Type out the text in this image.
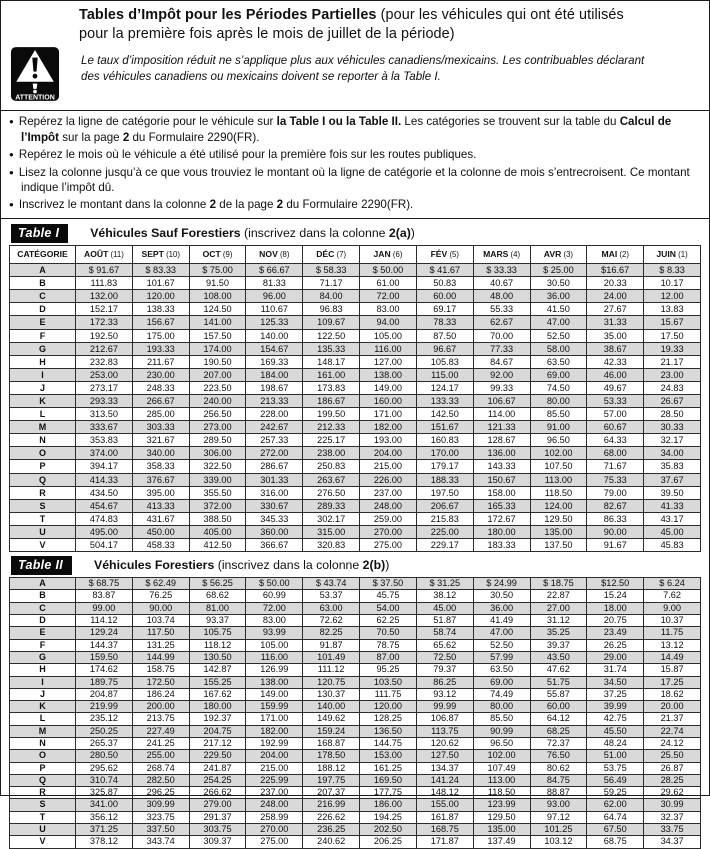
Tables d’Impôt pour les Périodes Partielles (pour les véhicules qui ont été utilisés pour la première fois après le mois de juillet de la période)
ATTENTION
Le taux d’imposition réduit ne s’applique plus aux véhicules canadiens/mexicains. Les contribuables déclarant des véhicules canadiens ou mexicains doivent se reporter à la Table I.
● Repérez la ligne de catégorie pour le véhicule sur la Table I ou la Table II. Les catégories se trouvent sur la table du Calcul de l’Impôt sur la page 2 du Formulaire 2290(FR).
● Repérez le mois où le véhicule a été utilisé pour la première fois sur les routes publiques.
● Lisez la colonne jusqu’à ce que vous trouviez le montant où la ligne de catégorie et la colonne de mois s’entrecroisent. Ce montant indique l’impôt dû.
● Inscrivez le montant dans la colonne 2 de la page 2 du Formulaire 2290(FR).
Table I	Véhicules Sauf Forestiers (inscrivez dans la colonne 2(a))
CATÉGORIE	AOÛT (11)	SEPT (10)	OCT (9)	NOV (8)	DÉC (7)	JAN (6)	FÉV (5)	MARS (4)	AVR (3)	MAI (2)	JUIN (1)
A	$ 91.67	$ 83.33	$ 75.00	$ 66.67	$ 58.33	$ 50.00	$ 41.67	$ 33.33	$ 25.00	$16.67	$ 8.33
B	111.83	101.67	91.50	81.33	71.17	61.00	50.83	40.67	30.50	20.33	10.17
C	132.00	120.00	108.00	96.00	84.00	72.00	60.00	48.00	36.00	24.00	12.00
D	152.17	138.33	124.50	110.67	96.83	83.00	69.17	55.33	41.50	27.67	13.83
E	172.33	156.67	141.00	125.33	109.67	94.00	78.33	62.67	47.00	31.33	15.67
F	192.50	175.00	157.50	140.00	122.50	105.00	87.50	70.00	52.50	35.00	17.50
G	212.67	193.33	174.00	154.67	135.33	116.00	96.67	77.33	58.00	38.67	19.33
H	232.83	211.67	190.50	169.33	148.17	127.00	105.83	84.67	63.50	42.33	21.17
I	253.00	230.00	207.00	184.00	161.00	138.00	115.00	92.00	69.00	46.00	23.00
J	273.17	248.33	223.50	198.67	173.83	149.00	124.17	99.33	74.50	49.67	24.83
K	293.33	266.67	240.00	213.33	186.67	160.00	133.33	106.67	80.00	53.33	26.67
L	313.50	285.00	256.50	228.00	199.50	171.00	142.50	114.00	85.50	57.00	28.50
M	333.67	303.33	273.00	242.67	212.33	182.00	151.67	121.33	91.00	60.67	30.33
N	353.83	321.67	289.50	257.33	225.17	193.00	160.83	128.67	96.50	64.33	32.17
O	374.00	340.00	306.00	272.00	238.00	204.00	170.00	136.00	102.00	68.00	34.00
P	394.17	358.33	322.50	286.67	250.83	215.00	179.17	143.33	107.50	71.67	35.83
Q	414.33	376.67	339.00	301.33	263.67	226.00	188.33	150.67	113.00	75.33	37.67
R	434.50	395.00	355.50	316.00	276.50	237.00	197.50	158.00	118.50	79.00	39.50
S	454.67	413.33	372.00	330.67	289.33	248.00	206.67	165.33	124.00	82.67	41.33
T	474.83	431.67	388.50	345.33	302.17	259.00	215.83	172.67	129.50	86.33	43.17
U	495.00	450.00	405.00	360.00	315.00	270.00	225.00	180.00	135.00	90.00	45.00
V	504.17	458.33	412.50	366.67	320.83	275.00	229.17	183.33	137.50	91.67	45.83
Table II	Véhicules Forestiers (inscrivez dans la colonne 2(b))
A	$ 68.75	$ 62.49	$ 56.25	$ 50.00	$ 43.74	$ 37.50	$ 31.25	$ 24.99	$ 18.75	$12.50	$ 6.24
B	83.87	76.25	68.62	60.99	53.37	45.75	38.12	30.50	22.87	15.24	7.62
C	99.00	90.00	81.00	72.00	63.00	54.00	45.00	36.00	27.00	18.00	9.00
D	114.12	103.74	93.37	83.00	72.62	62.25	51.87	41.49	31.12	20.75	10.37
E	129.24	117.50	105.75	93.99	82.25	70.50	58.74	47.00	35.25	23.49	11.75
F	144.37	131.25	118.12	105.00	91.87	78.75	65.62	52.50	39.37	26.25	13.12
G	159.50	144.99	130.50	116.00	101.49	87.00	72.50	57.99	43.50	29.00	14.49
H	174.62	158.75	142.87	126.99	111.12	95.25	79.37	63.50	47.62	31.74	15.87
I	189.75	172.50	155.25	138.00	120.75	103.50	86.25	69.00	51.75	34.50	17.25
J	204.87	186.24	167.62	149.00	130.37	111.75	93.12	74.49	55.87	37.25	18.62
K	219.99	200.00	180.00	159.99	140.00	120.00	99.99	80.00	60.00	39.99	20.00
L	235.12	213.75	192.37	171.00	149.62	128.25	106.87	85.50	64.12	42.75	21.37
M	250.25	227.49	204.75	182.00	159.24	136.50	113.75	90.99	68.25	45.50	22.74
N	265.37	241.25	217.12	192.99	168.87	144.75	120.62	96.50	72.37	48.24	24.12
O	280.50	255.00	229.50	204.00	178.50	153.00	127.50	102.00	76.50	51.00	25.50
P	295.62	268.74	241.87	215.00	188.12	161.25	134.37	107.49	80.62	53.75	26.87
Q	310.74	282.50	254.25	225.99	197.75	169.50	141.24	113.00	84.75	56.49	28.25
R	325.87	296.25	266.62	237.00	207.37	177.75	148.12	118.50	88.87	59.25	29.62
S	341.00	309.99	279.00	248.00	216.99	186.00	155.00	123.99	93.00	62.00	30.99
T	356.12	323.75	291.37	258.99	226.62	194.25	161.87	129.50	97.12	64.74	32.37
U	371.25	337.50	303.75	270.00	236.25	202.50	168.75	135.00	101.25	67.50	33.75
V	378.12	343.74	309.37	275.00	240.62	206.25	171.87	137.49	103.12	68.75	34.37
